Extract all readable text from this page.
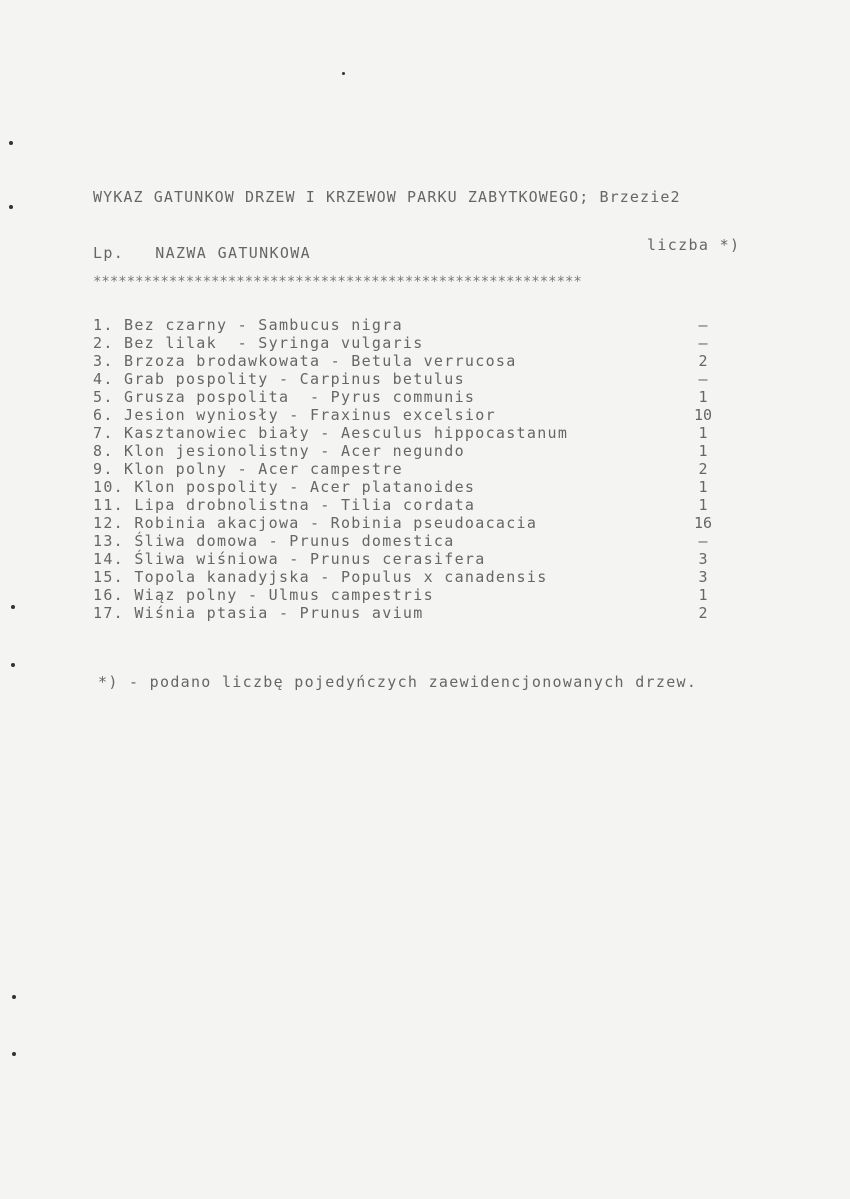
WYKAZ GATUNKOW DRZEW I KRZEWOW PARKU ZABYTKOWEGO; Brzezie2
Lp.   NAZWA GATUNKOWA	liczba *)
**********************************************************
1. Bez czarny - Sambucus nigra	–
2. Bez lilak  - Syringa vulgaris	–
3. Brzoza brodawkowata - Betula verrucosa	2
4. Grab pospolity - Carpinus betulus	–
5. Grusza pospolita  - Pyrus communis	1
6. Jesion wyniosły - Fraxinus excelsior	10
7. Kasztanowiec biały - Aesculus hippocastanum	1
8. Klon jesionolistny - Acer negundo	1
9. Klon polny - Acer campestre	2
10. Klon pospolity - Acer platanoides	1
11. Lipa drobnolistna - Tilia cordata	1
12. Robinia akacjowa - Robinia pseudoacacia	16
13. Śliwa domowa - Prunus domestica	–
14. Śliwa wiśniowa - Prunus cerasifera	3
15. Topola kanadyjska - Populus x canadensis	3
16. Wiąz polny - Ulmus campestris	1
17. Wiśnia ptasia - Prunus avium	2
*) - podano liczbę pojedyńczych zaewidencjonowanych drzew.
